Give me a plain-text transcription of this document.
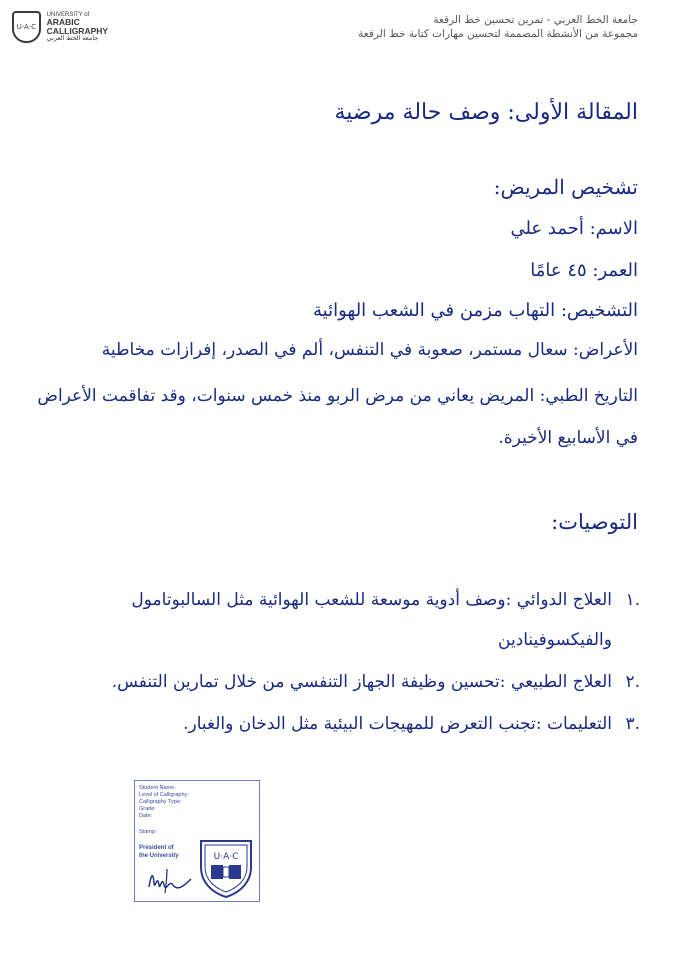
U·A·C
UNIVERSITY of
ARABIC CALLIGRAPHY
جامعة الخط العربي
جامعة الخط العربي - تمرين تحسين خط الرقعة
مجموعة من الأنشطة المصممة لتحسين مهارات كتابة خط الرقعة
المقالة الأولى: وصف حالة مرضية
تشخيص المريض:
الاسم: أحمد علي
العمر: ٤٥ عامًا
التشخيص: التهاب مزمن في الشعب الهوائية
الأعراض: سعال مستمر، صعوبة في التنفس، ألم في الصدر، إفرازات مخاطية
التاريخ الطبي: المريض يعاني من مرض الربو منذ خمس سنوات، وقد تفاقمت الأعراض في الأسابيع الأخيرة.
التوصيات:
.١
العلاج الدوائي :وصف أدوية موسعة للشعب الهوائية مثل السالبوتامول والفيكسوفينادين
.٢
العلاج الطبيعي :تحسين وظيفة الجهاز التنفسي من خلال تمارين التنفس.
.٣
التعليمات :تجنب التعرض للمهيجات البيئية مثل الدخان والغبار.
Student Name:
Level of Calligraphy:
Calligraphy Type:
Grade:
Date:
Stamp:
President of
the University	U·A·C
